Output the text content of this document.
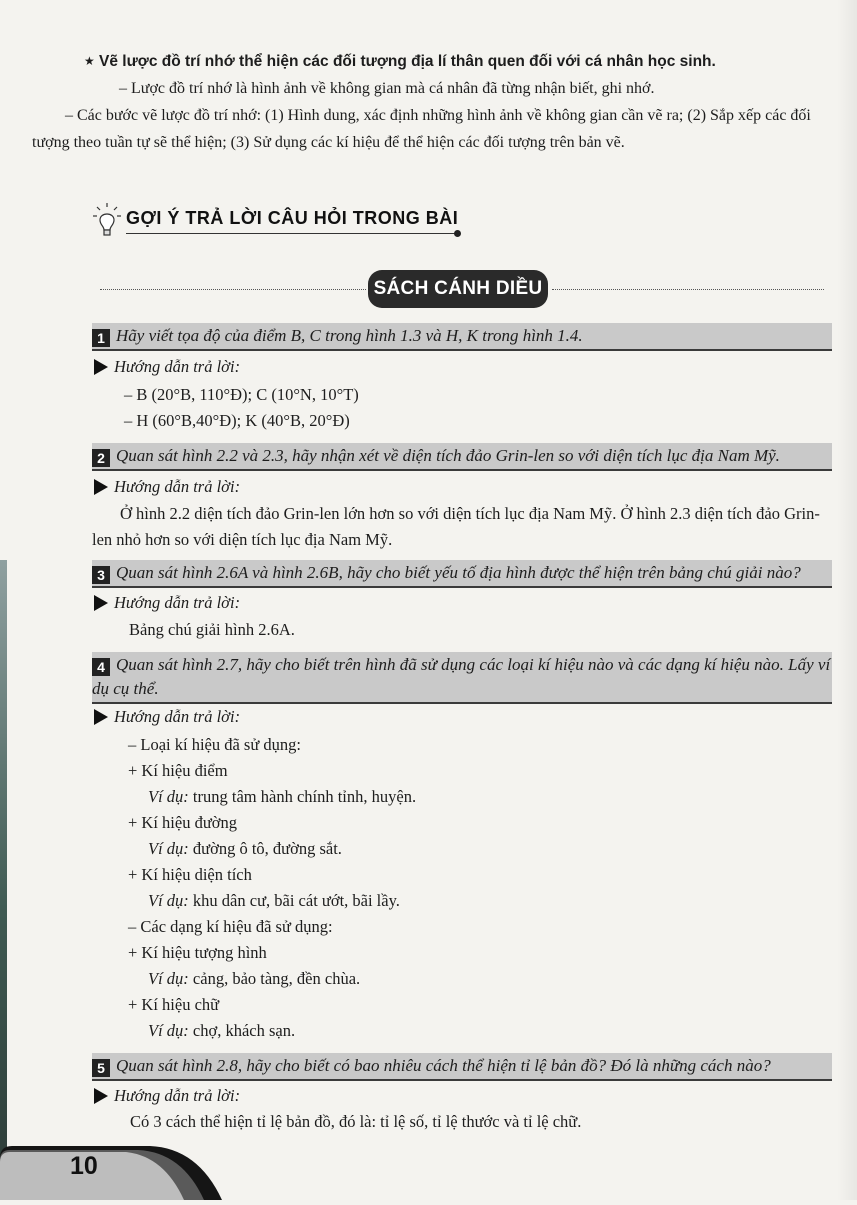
★ Vẽ lược đồ trí nhớ thể hiện các đối tượng địa lí thân quen đối với cá nhân học sinh.
– Lược đồ trí nhớ là hình ảnh về không gian mà cá nhân đã từng nhận biết, ghi nhớ.
– Các bước vẽ lược đồ trí nhớ: (1) Hình dung, xác định những hình ảnh về không gian cần vẽ ra; (2) Sắp xếp các đối tượng theo tuần tự sẽ thể hiện; (3) Sử dụng các kí hiệu để thể hiện các đối tượng trên bản vẽ.
GỢI Ý TRẢ LỜI CÂU HỎI TRONG BÀI
SÁCH CÁNH DIỀU
1 Hãy viết tọa độ của điểm B, C trong hình 1.3 và H, K trong hình 1.4.
Hướng dẫn trả lời:
– B (20°B, 110°Đ); C (10°N, 10°T)
– H (60°B,40°Đ); K (40°B, 20°Đ)
2 Quan sát hình 2.2 và 2.3, hãy nhận xét về diện tích đảo Grin-len so với diện tích lục địa Nam Mỹ.
Hướng dẫn trả lời:
Ở hình 2.2 diện tích đảo Grin-len lớn hơn so với diện tích lục địa Nam Mỹ. Ở hình 2.3 diện tích đảo Grin-len nhỏ hơn so với diện tích lục địa Nam Mỹ.
3 Quan sát hình 2.6A và hình 2.6B, hãy cho biết yếu tố địa hình được thể hiện trên bảng chú giải nào?
Hướng dẫn trả lời:
Bảng chú giải hình 2.6A.
4 Quan sát hình 2.7, hãy cho biết trên hình đã sử dụng các loại kí hiệu nào và các dạng kí hiệu nào. Lấy ví dụ cụ thể.
Hướng dẫn trả lời:
– Loại kí hiệu đã sử dụng:
+ Kí hiệu điểm
Ví dụ: trung tâm hành chính tỉnh, huyện.
+ Kí hiệu đường
Ví dụ: đường ô tô, đường sắt.
+ Kí hiệu diện tích
Ví dụ: khu dân cư, bãi cát ướt, bãi lầy.
– Các dạng kí hiệu đã sử dụng:
+ Kí hiệu tượng hình
Ví dụ: cảng, bảo tàng, đền chùa.
+ Kí hiệu chữ
Ví dụ: chợ, khách sạn.
5 Quan sát hình 2.8, hãy cho biết có bao nhiêu cách thể hiện tỉ lệ bản đồ? Đó là những cách nào?
Hướng dẫn trả lời:
Có 3 cách thể hiện tỉ lệ bản đồ, đó là: tỉ lệ số, tỉ lệ thước và tỉ lệ chữ.
10
